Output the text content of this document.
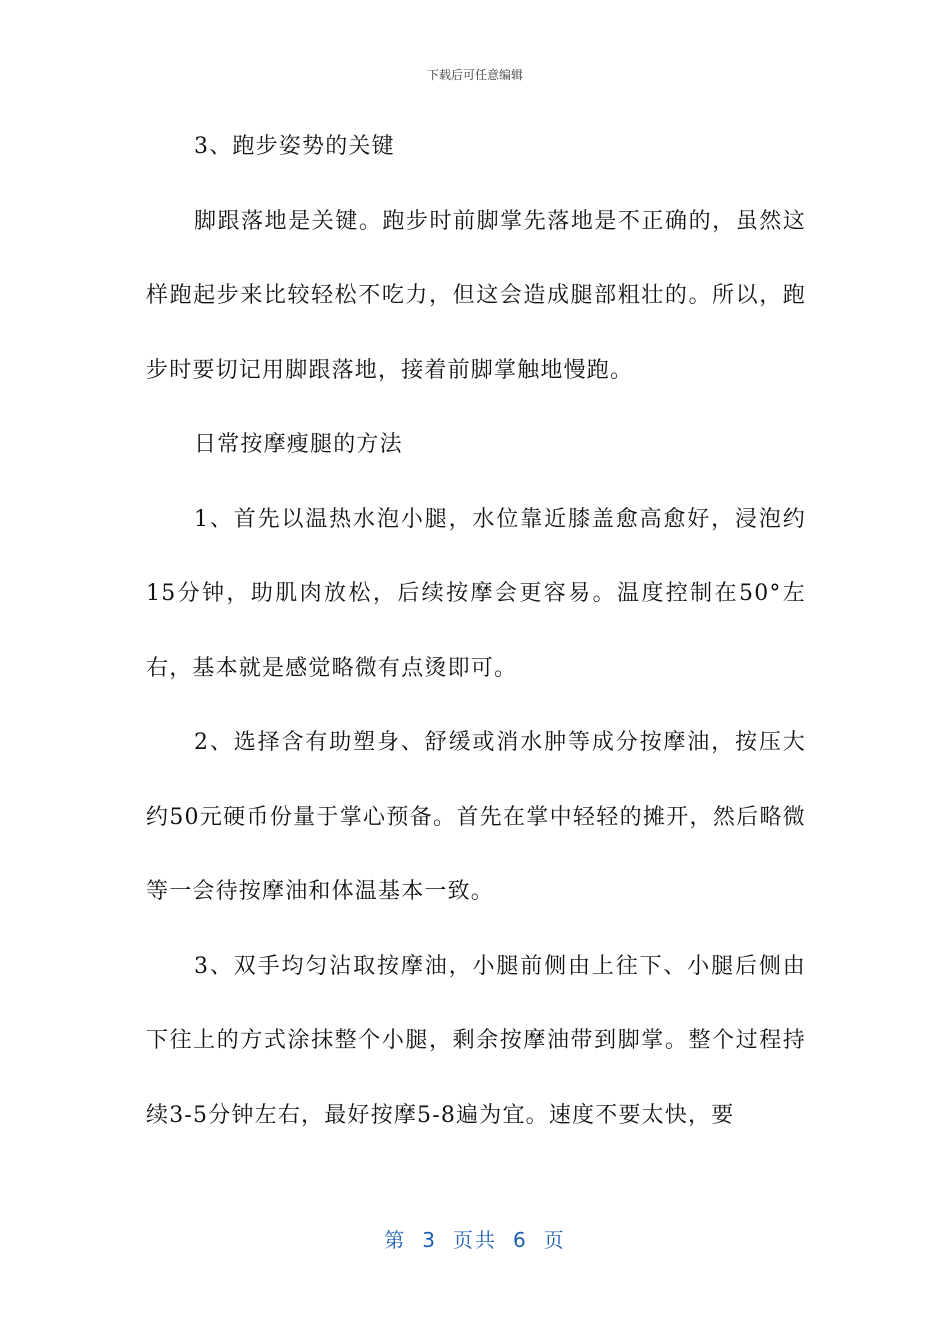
下载后可任意编辑

3、跑步姿势的关键

脚跟落地是关键。跑步时前脚掌先落地是不正确的，虽然这样跑起步来比较轻松不吃力，但这会造成腿部粗壮的。所以，跑步时要切记用脚跟落地，接着前脚掌触地慢跑。

日常按摩瘦腿的方法

1、首先以温热水泡小腿，水位靠近膝盖愈高愈好，浸泡约15分钟，助肌肉放松，后续按摩会更容易。温度控制在50°左右，基本就是感觉略微有点烫即可。

2、选择含有助塑身、舒缓或消水肿等成分按摩油，按压大约50元硬币份量于掌心预备。首先在掌中轻轻的摊开，然后略微等一会待按摩油和体温基本一致。

3、双手均匀沾取按摩油，小腿前侧由上往下、小腿后侧由下往上的方式涂抹整个小腿，剩余按摩油带到脚掌。整个过程持续3-5分钟左右，最好按摩5-8遍为宜。速度不要太快，要

第 3 页共 6 页
